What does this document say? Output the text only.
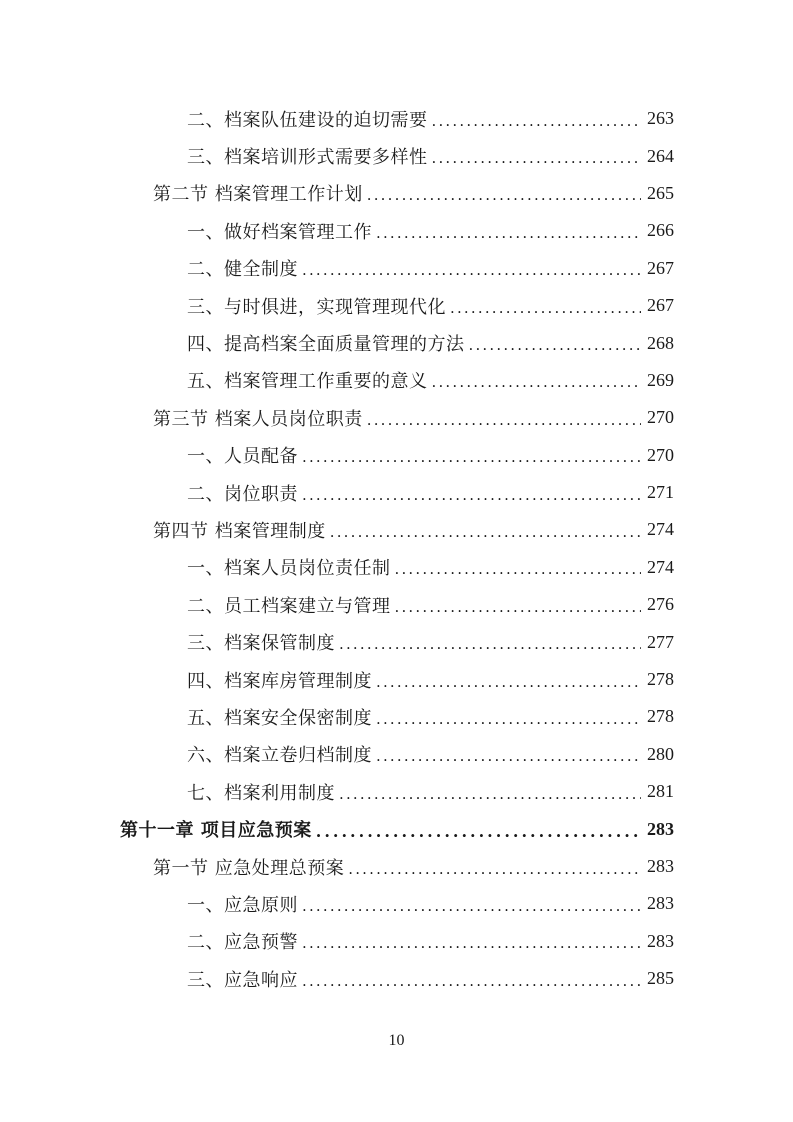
二、档案队伍建设的迫切需要 .....	263
三、档案培训形式需要多样性 .....	264
第二节 档案管理工作计划 .....	265
一、做好档案管理工作 .....	266
二、健全制度 .....	267
三、与时俱进，实现管理现代化 .....	267
四、提高档案全面质量管理的方法 .....	268
五、档案管理工作重要的意义 .....	269
第三节 档案人员岗位职责 .....	270
一、人员配备 .....	270
二、岗位职责 .....	271
第四节 档案管理制度 .....	274
一、档案人员岗位责任制 .....	274
二、员工档案建立与管理 .....	276
三、档案保管制度 .....	277
四、档案库房管理制度 .....	278
五、档案安全保密制度 .....	278
六、档案立卷归档制度 .....	280
七、档案利用制度 .....	281
第十一章 项目应急预案 .....	283
第一节 应急处理总预案 .....	283
一、应急原则 .....	283
二、应急预警 .....	283
三、应急响应 .....	285
10
